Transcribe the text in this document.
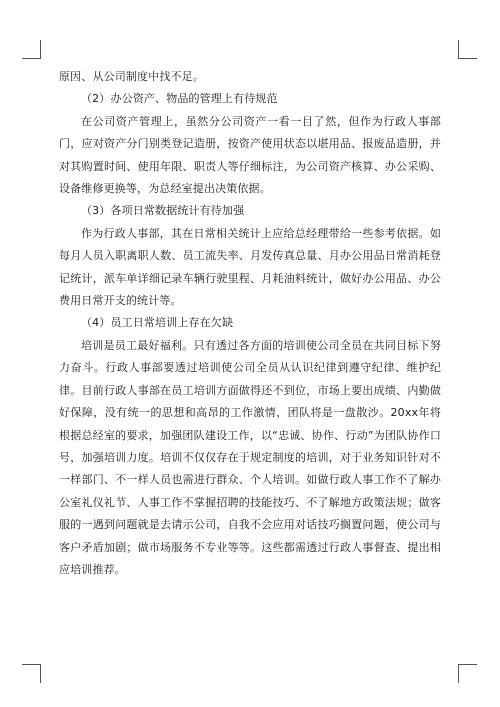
原因、从公司制度中找不足。

（2）办公资产、物品的管理上有待规范

在公司资产管理上，虽然分公司资产一看一目了然，但作为行政人事部门，应对资产分门别类登记造册，按资产使用状态以堪用品、报废品造册，并对其购置时间、使用年限、职责人等仔细标注，为公司资产核算、办公采购、设备维修更换等，为总经室提出决策依据。

（3）各项日常数据统计有待加强

作为行政人事部，其在日常相关统计上应给总经理带给一些参考依据。如每月人员入职离职人数、员工流失率、月发传真总量、月办公用品日常消耗登记统计，派车单详细记录车辆行驶里程、月耗油料统计，做好办公用品、办公费用日常开支的统计等。

（4）员工日常培训上存在欠缺

培训是员工最好福利。只有透过各方面的培训使公司全员在共同目标下努力奋斗。行政人事部要透过培训使公司全员从认识纪律到遵守纪律、维护纪律。目前行政人事部在员工培训方面做得还不到位，市场上要出成绩、内勤做好保障，没有统一的思想和高昂的工作激情，团队将是一盘散沙。20xx年将根据总经室的要求，加强团队建设工作，以“忠诚、协作、行动”为团队协作口号，加强培训力度。培训不仅仅存在于规定制度的培训，对于业务知识针对不一样部门、不一样人员也需进行群众、个人培训。如做行政人事工作不了解办公室礼仪礼节、人事工作不掌握招聘的技能技巧、不了解地方政策法规；做客服的一遇到问题就是去请示公司，自我不会应用对话技巧搁置问题，使公司与客户矛盾加剧；做市场服务不专业等等。这些都需透过行政人事督查、提出相应培训推荐。
